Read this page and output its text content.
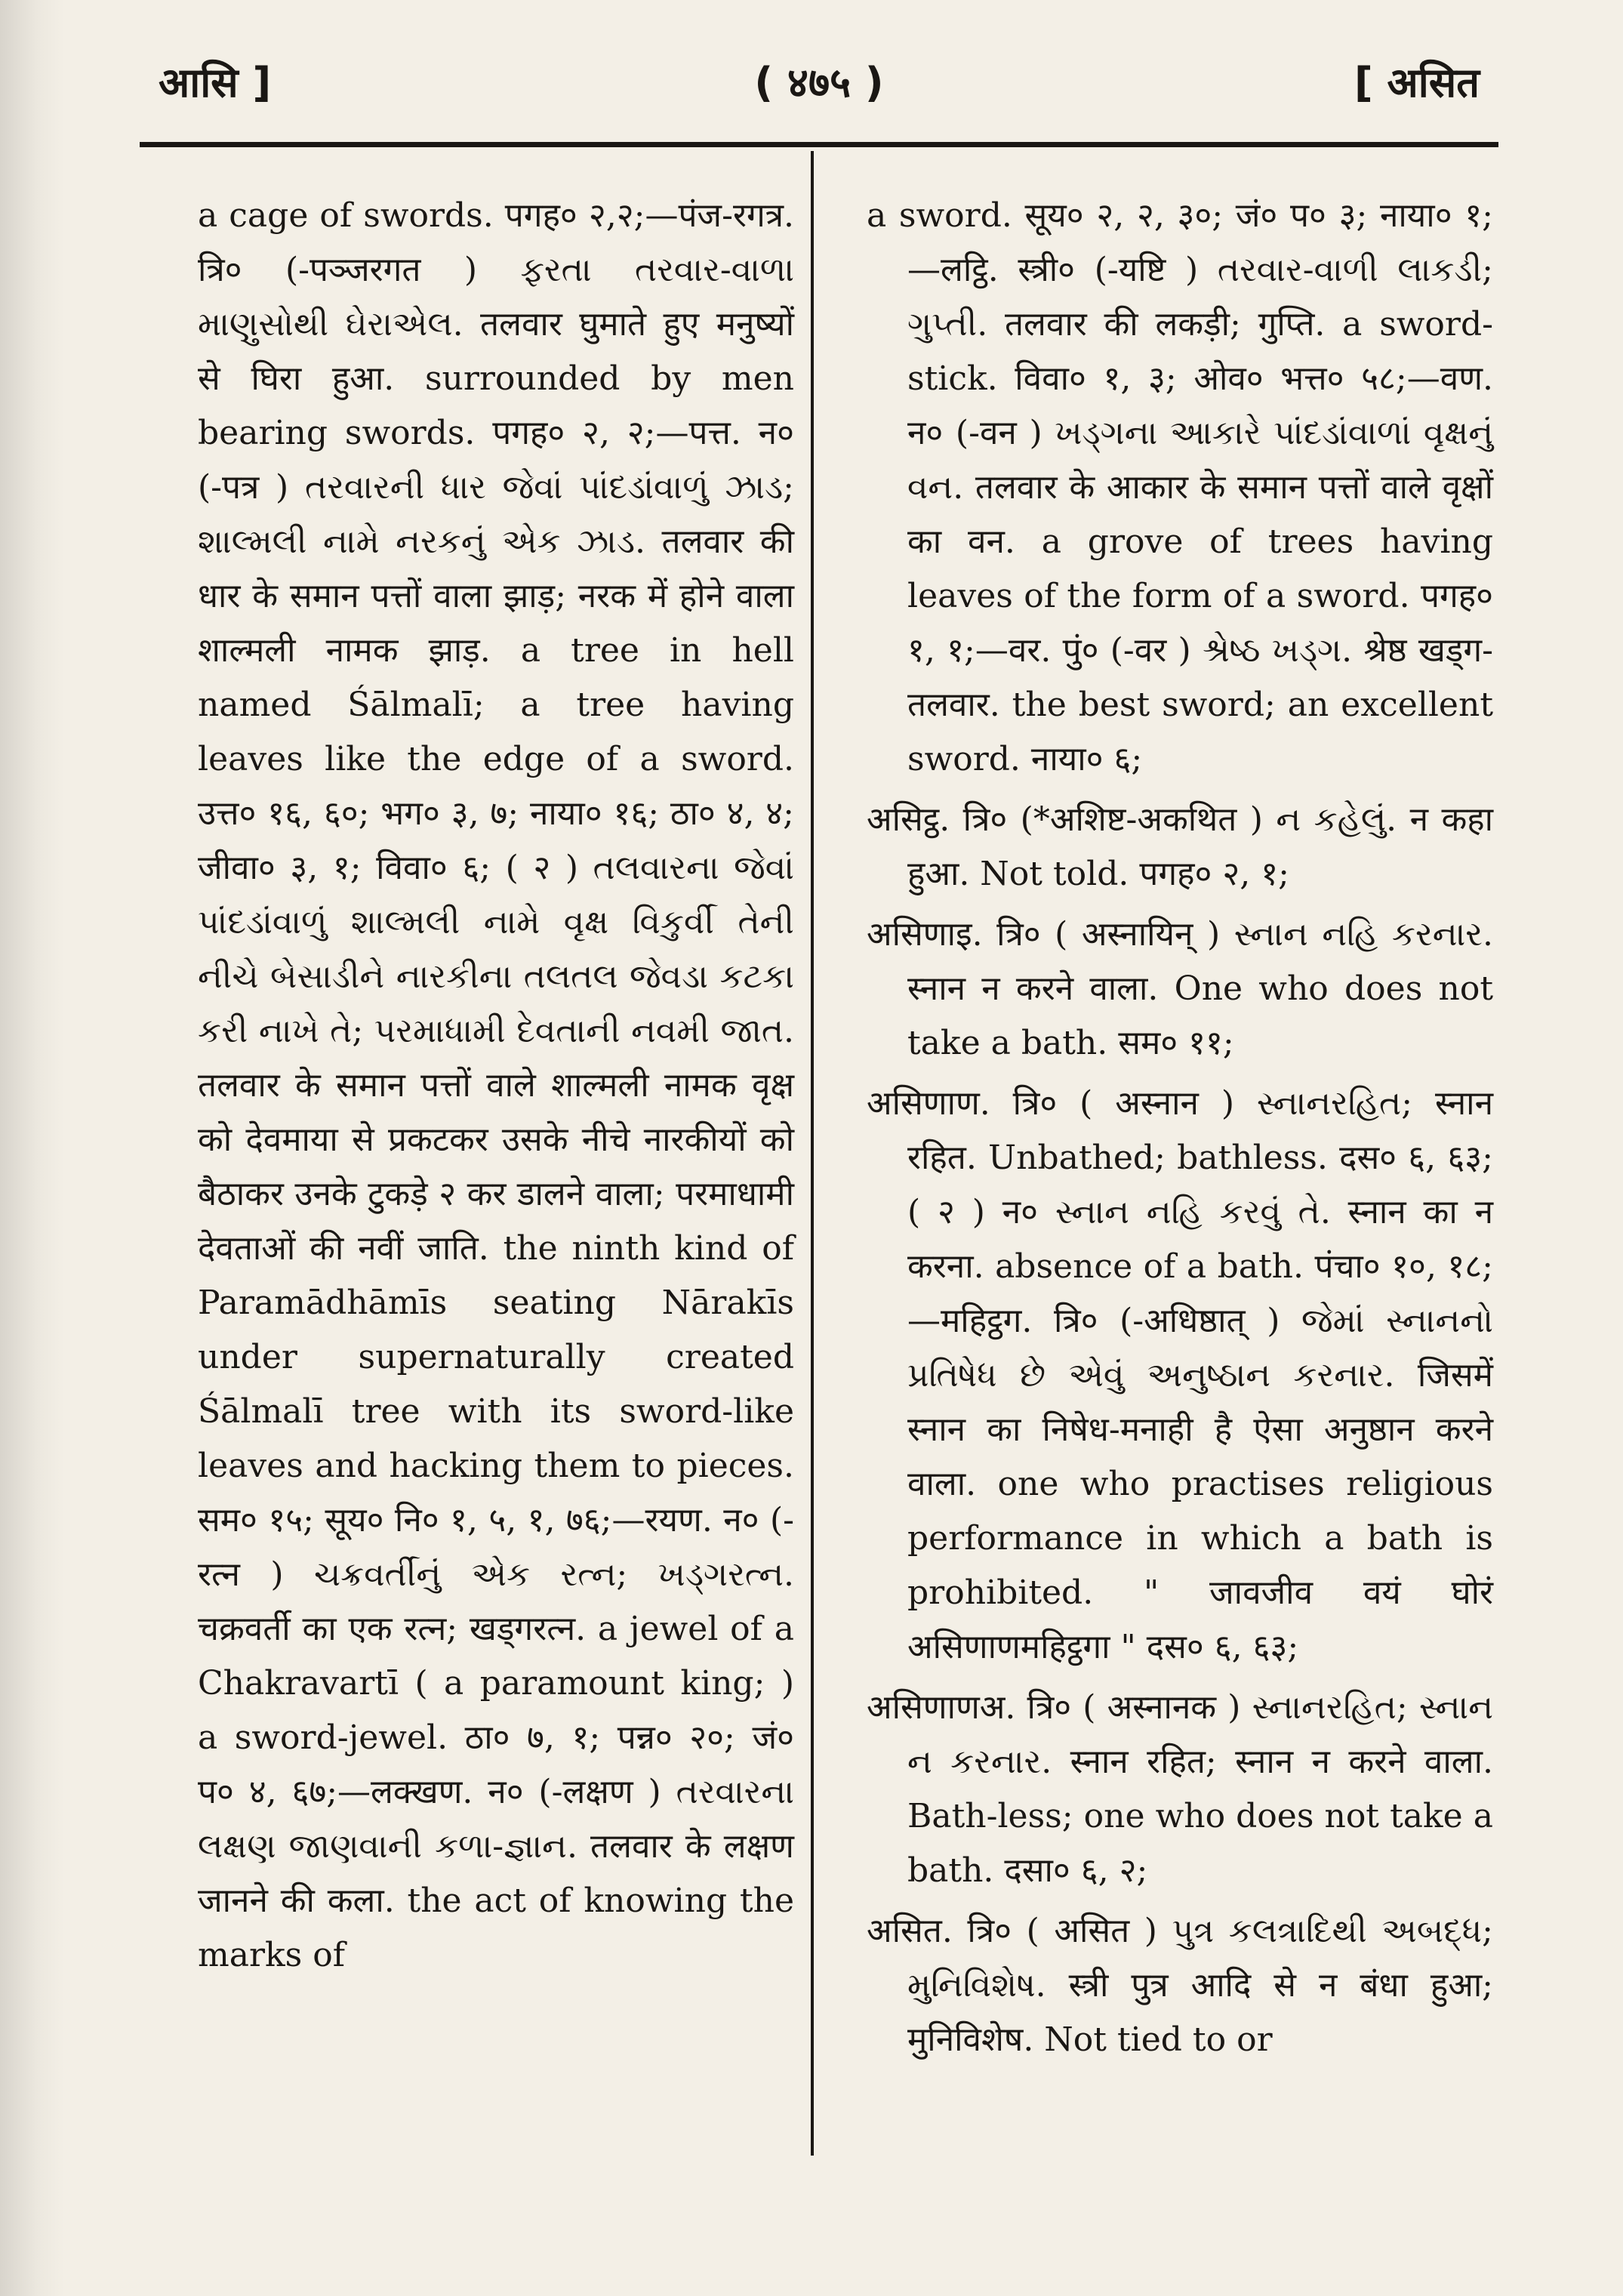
आसि ]	( ४७५ )	[ असित

a cage of swords. पगह० २,२;—पंज-रगत्र. त्रि० (-पञ्जरगत ) ફરતા તરવાર-વાળા માણુસોથી ઘેરાએલ. तलवार घुमाते हुए मनुष्यों से घिरा हुआ. surrounded by men bearing swords. पगह० २, २;—पत्त. न० (-पत्र ) તરવારની ધાર જેવાં પાંદડાંવાળું ઝાડ; શાલ્મલી નામે નરકનું એક ઝાડ. तलवार की धार के समान पत्तों वाला झाड़; नरक में होने वाला शाल्मली नामक झाड़. a tree in hell named Śālmalī; a tree having leaves like the edge of a sword. उत्त० १६, ६०; भग० ३, ७; नाया० १६; ठा० ४, ४; जीवा० ३, १; विवा० ६; ( २ ) તલવારના જેવાં પાંદડાંવાળું શાલ્મલી નામે વૃક્ષ વિકુર્વી તેની નીચે બેસાડીને નારકીના તલતલ જેવડા કટકા કરી નાખે તે; પરમાધામી દેવતાની નવમી જાત. तलवार के समान पत्तों वाले शाल्मली नामक वृक्ष को देवमाया से प्रकटकर उसके नीचे नारकीयों को बैठाकर उनके टुकड़े २ कर डालने वाला; परमाधामी देवताओं की नवीं जाति. the ninth kind of Paramādhāmīs seating Nārakīs under supernaturally created Śālmalī tree with its sword-like leaves and hacking them to pieces. सम० १५; सूय० नि० १, ५, १, ७६;—रयण. न० (-रत्न ) ચક્રવર્તીનું એક રત્ન; ખડ્ગરત્ન. चक्रवर्ती का एक रत्न; खड्गरत्न. a jewel of a Chakravartī ( a paramount king; ) a sword-jewel. ठा० ७, १; पन्न० २०; जं० प० ४, ६७;—लक्खण. न० (-लक्षण ) તરવારના લક્ષણ જાણવાની કળા-જ્ઞાન. तलवार के लक्षण जानने की कला. the act of knowing the marks of

a sword. सूय० २, २, ३०; जं० प० ३; नाया० १;—लट्ठि. स्त्री० (-यष्टि ) તરવાર-વાળી લાકડી; ગુપ્તી. तलवार की लकड़ी; गुप्ति. a sword-stick. विवा० १, ३; ओव० भत्त० ५८;—वण. न० (-वन ) ખડ્ગના આકારે પાંદડાંવાળાં વૃક્ષનું વન. तलवार के आकार के समान पत्तों वाले वृक्षों का वन. a grove of trees having leaves of the form of a sword. पगह० १, १;—वर. पुं० (-वर ) શ્રેષ્ઠ ખડ્ગ. श्रेष्ठ खड्ग-तलवार. the best sword; an excellent sword. नाया० ६;

असिट्ठ. त्रि० (*अशिष्ट-अकथित ) ન કહેલું. न कहा हुआ. Not told. पगह० २, १;

असिणाइ. त्रि० ( अस्नायिन् ) સ્નાન નહિ કરનાર. स्नान न करने वाला. One who does not take a bath. सम० ११;

असिणाण. त्रि० ( अस्नान ) સ્નાનરહિત; स्नान रहित. Unbathed; bathless. दस० ६, ६३; ( २ ) न० સ્નાન નહિ કરવું તે. स्नान का न करना. absence of a bath. पंचा० १०, १८;—महिट्ठग. त्रि० (-अधिष्ठात् ) જેમાં સ્નાનનો પ્રતિષેધ છે એવું અનુષ્ઠાન કરનાર. जिसमें स्नान का निषेध-मनाही है ऐसा अनुष्ठान करने वाला. one who practises religious performance in which a bath is prohibited. " जावजीव वयं घोरं असिणाणमहिट्ठगा " दस० ६, ६३;

असिणाणअ. त्रि० ( अस्नानक ) સ્નાનરહિત; સ્નાન ન કરનાર. स्नान रहित; स्नान न करने वाला. Bath-less; one who does not take a bath. दसा० ६, २;

असित. त्रि० ( असित ) પુત્ર કલત્રાદિથી અબદ્ધ; મુનિવિશેષ. स्त्री पुत्र आदि से न बंधा हुआ; मुनिविशेष. Not tied to or
